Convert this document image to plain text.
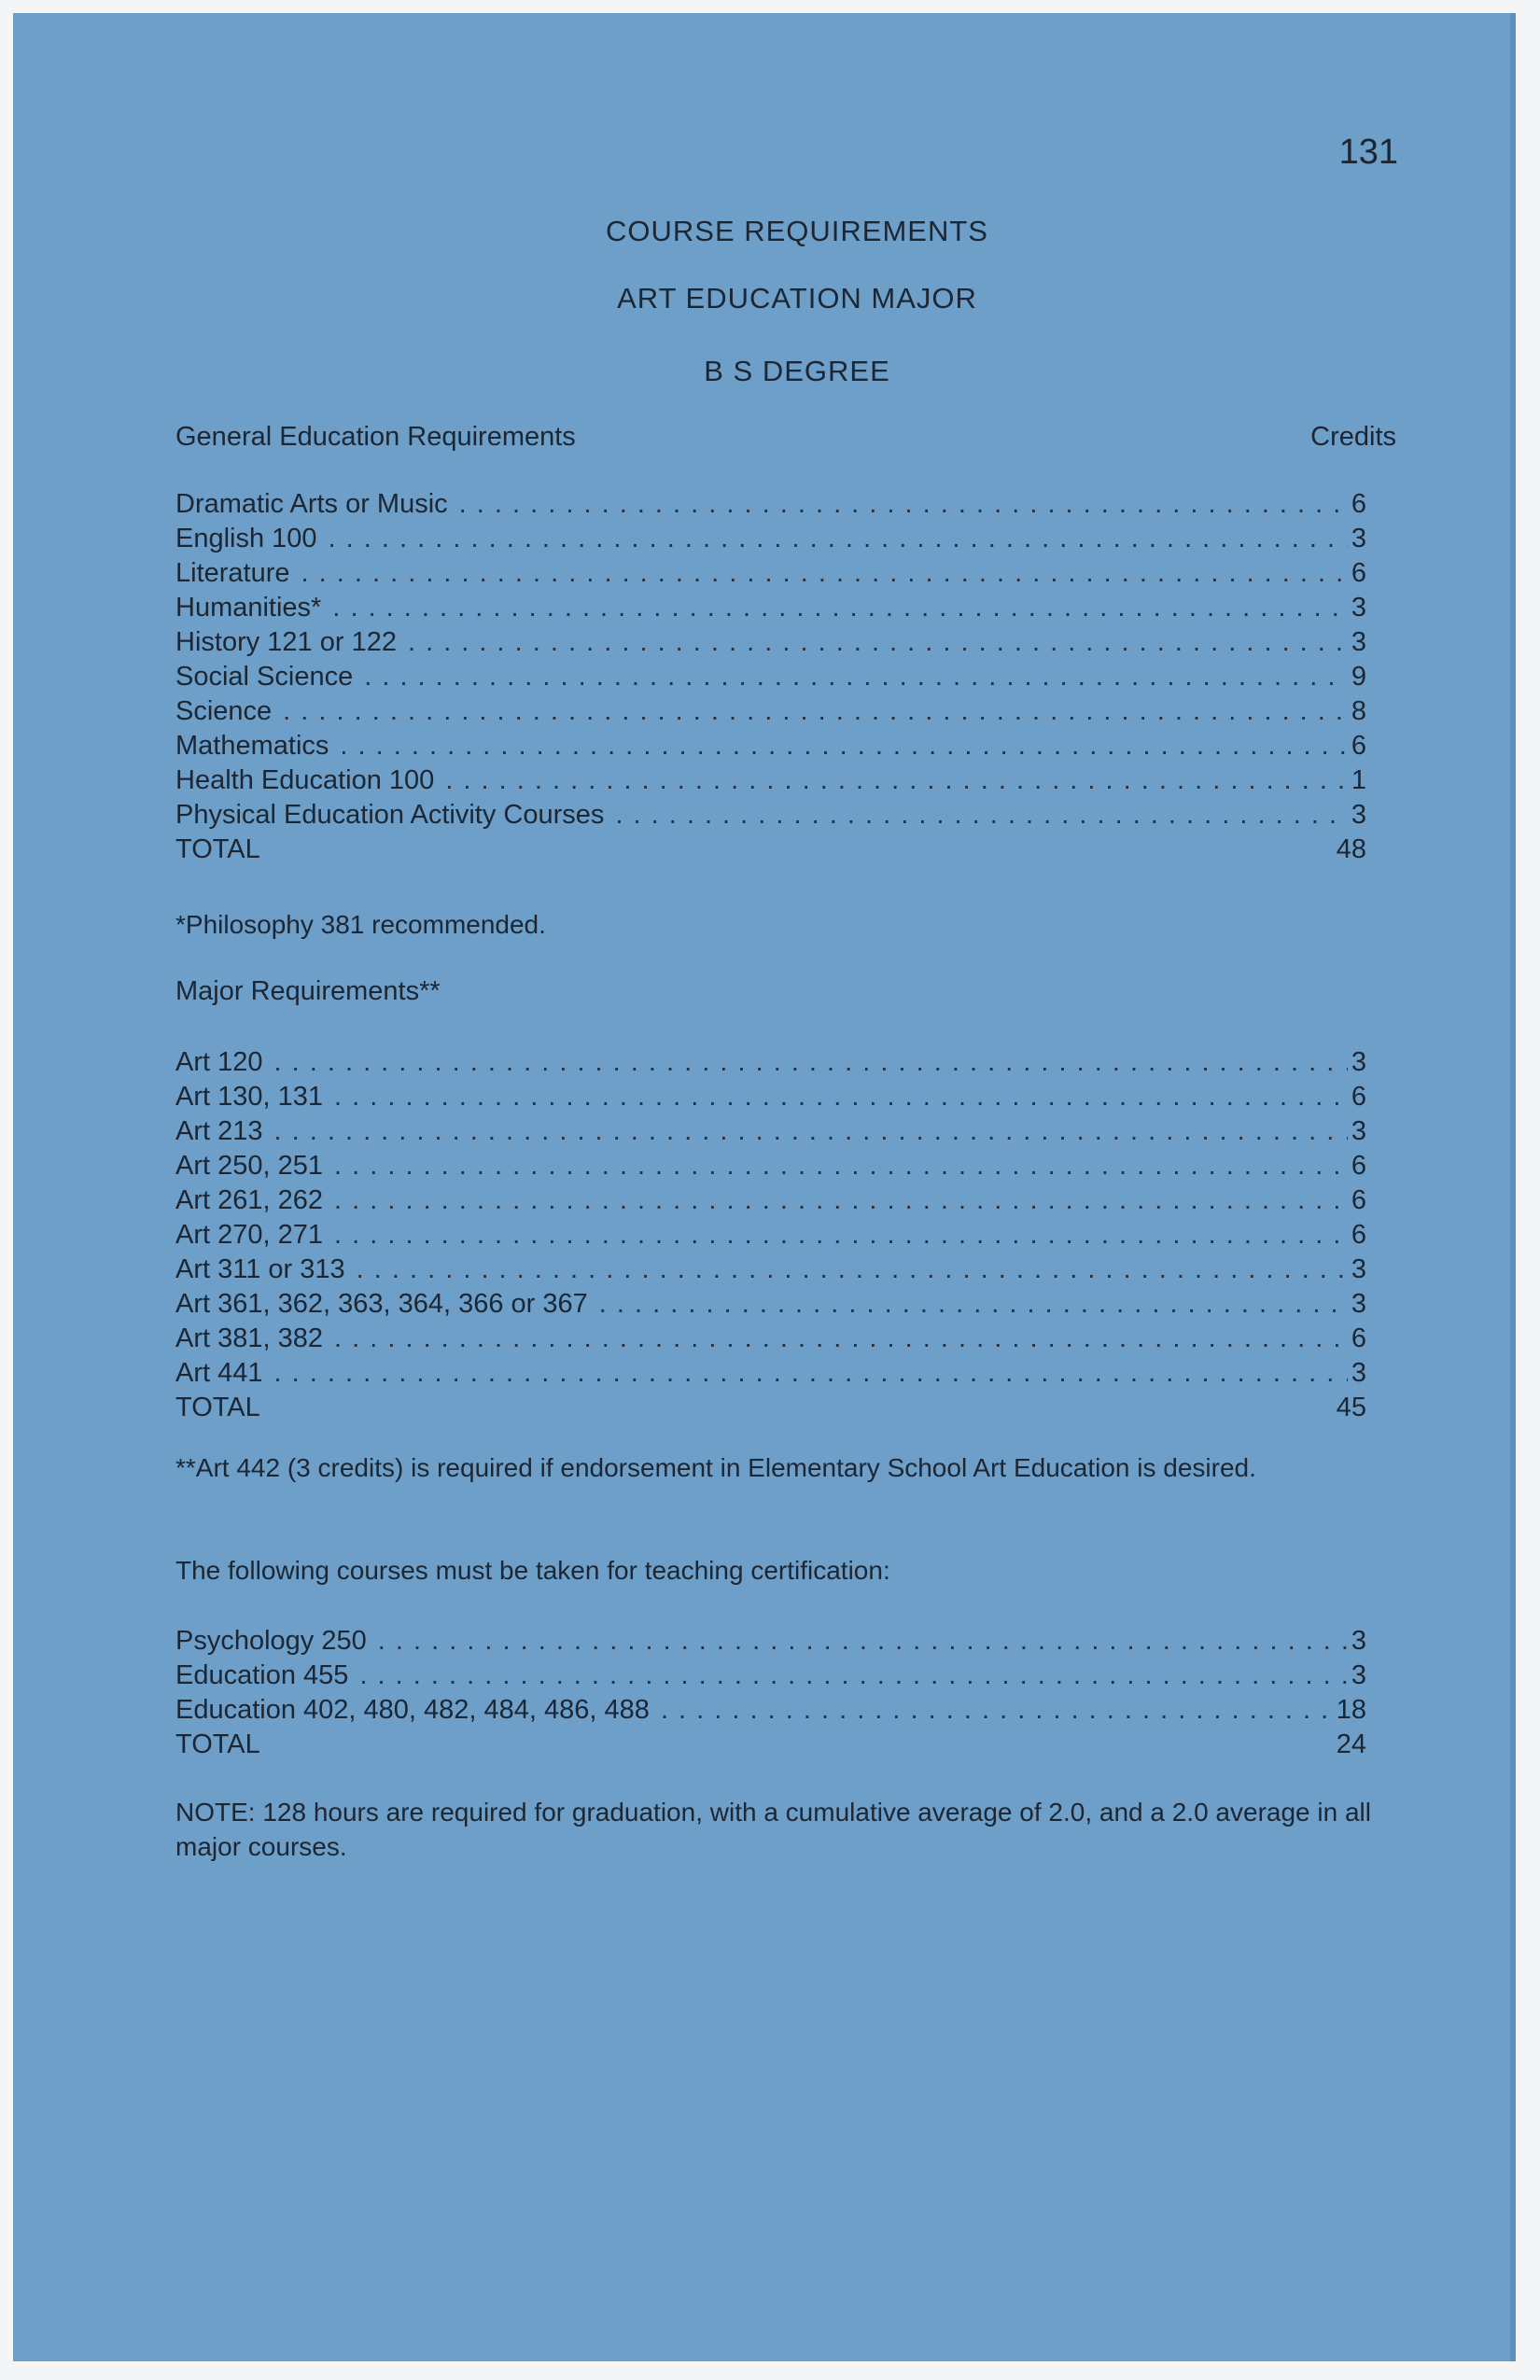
131
COURSE REQUIREMENTS
ART EDUCATION MAJOR
B S DEGREE
General Education Requirements	Credits
Dramatic Arts or Music . . .	6
English 100 . . .	3
Literature . . .	6
Humanities* . . .	3
History 121 or 122 . . .	3
Social Science . . .	9
Science . . .	8
Mathematics . . .	6
Health Education 100 . . .	1
Physical Education Activity Courses . . .	3
TOTAL	48
*Philosophy 381 recommended.
Major Requirements**
Art 120 . . .	3
Art 130, 131 . . .	6
Art 213 . . .	3
Art 250, 251 . . .	6
Art 261, 262 . . .	6
Art 270, 271 . . .	6
Art 311 or 313 . . .	3
Art 361, 362, 363, 364, 366 or 367 . . .	3
Art 381, 382 . . .	6
Art 441 . . .	3
TOTAL	45
**Art 442 (3 credits) is required if endorsement in Elementary School Art Education is desired.
The following courses must be taken for teaching certification:
Psychology 250 . . .	3
Education 455 . . .	3
Education 402, 480, 482, 484, 486, 488 . . .	18
TOTAL	24
NOTE: 128 hours are required for graduation, with a cumulative average of 2.0, and a 2.0 average in all major courses.
